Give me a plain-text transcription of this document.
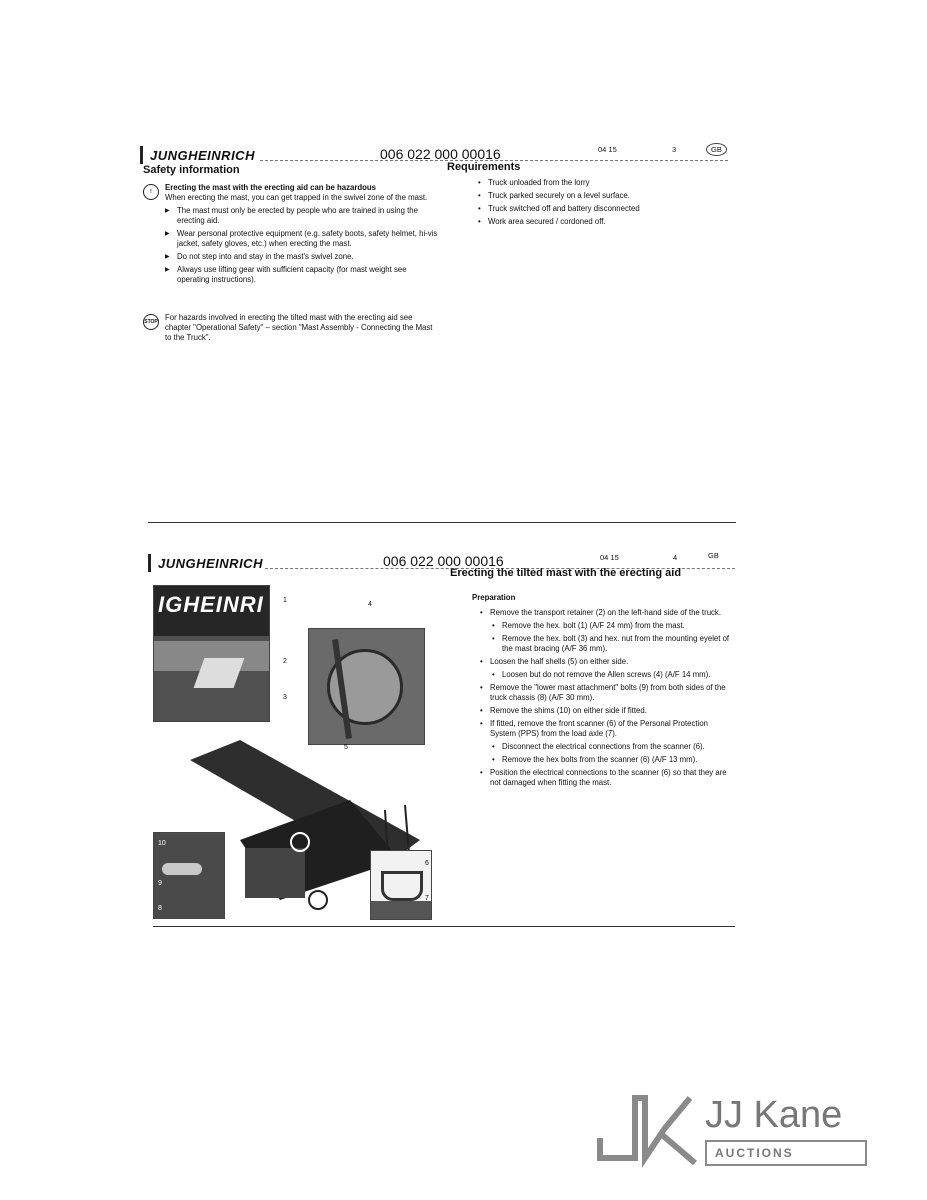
JUNGHEINRICH	006 022 000 00016	04 15	3	GB
Safety information	Requirements
!	Erecting the mast with the erecting aid can be hazardous
When erecting the mast, you can get trapped in the swivel zone of the mast.
▶ The mast must only be erected by people who are trained in using the erecting aid.
▶ Wear personal protective equipment (e.g. safety boots, safety helmet, hi-vis jacket, safety gloves, etc.) when erecting the mast.
▶ Do not step into and stay in the mast's swivel zone.
▶ Always use lifting gear with sufficient capacity (for mast weight see operating instructions).
STOP For hazards involved in erecting the tilted mast with the erecting aid see chapter "Operational Safety" – section "Mast Assembly - Connecting the Mast to the Truck".
• Truck unloaded from the lorry
• Truck parked securely on a level surface.
• Truck switched off and battery disconnected
• Work area secured / cordoned off.
JUNGHEINRICH	006 022 000 00016	04 15	4	GB
Erecting the tilted mast with the erecting aid
IGHEINRI	1
2
3
4
5
6
7
8
9
10
Preparation
• Remove the transport retainer (2) on the left-hand side of the truck.
• Remove the hex. bolt (1) (A/F 24 mm) from the mast.
• Remove the hex. bolt (3) and hex. nut from the mounting eyelet of the mast bracing (A/F 36 mm).
• Loosen the half shells (5) on either side.
• Loosen but do not remove the Allen screws (4) (A/F 14 mm).
• Remove the "lower mast attachment" bolts (9) from both sides of the truck chassis (8) (A/F 30 mm).
• Remove the shims (10) on either side if fitted.
• If fitted, remove the front scanner (6) of the Personal Protection System (PPS) from the load axle (7).
• Disconnect the electrical connections from the scanner (6).
• Remove the hex bolts from the scanner (6) (A/F 13 mm).
• Position the electrical connections to the scanner (6) so that they are not damaged when fitting the mast.
JJ Kane
AUCTIONS
